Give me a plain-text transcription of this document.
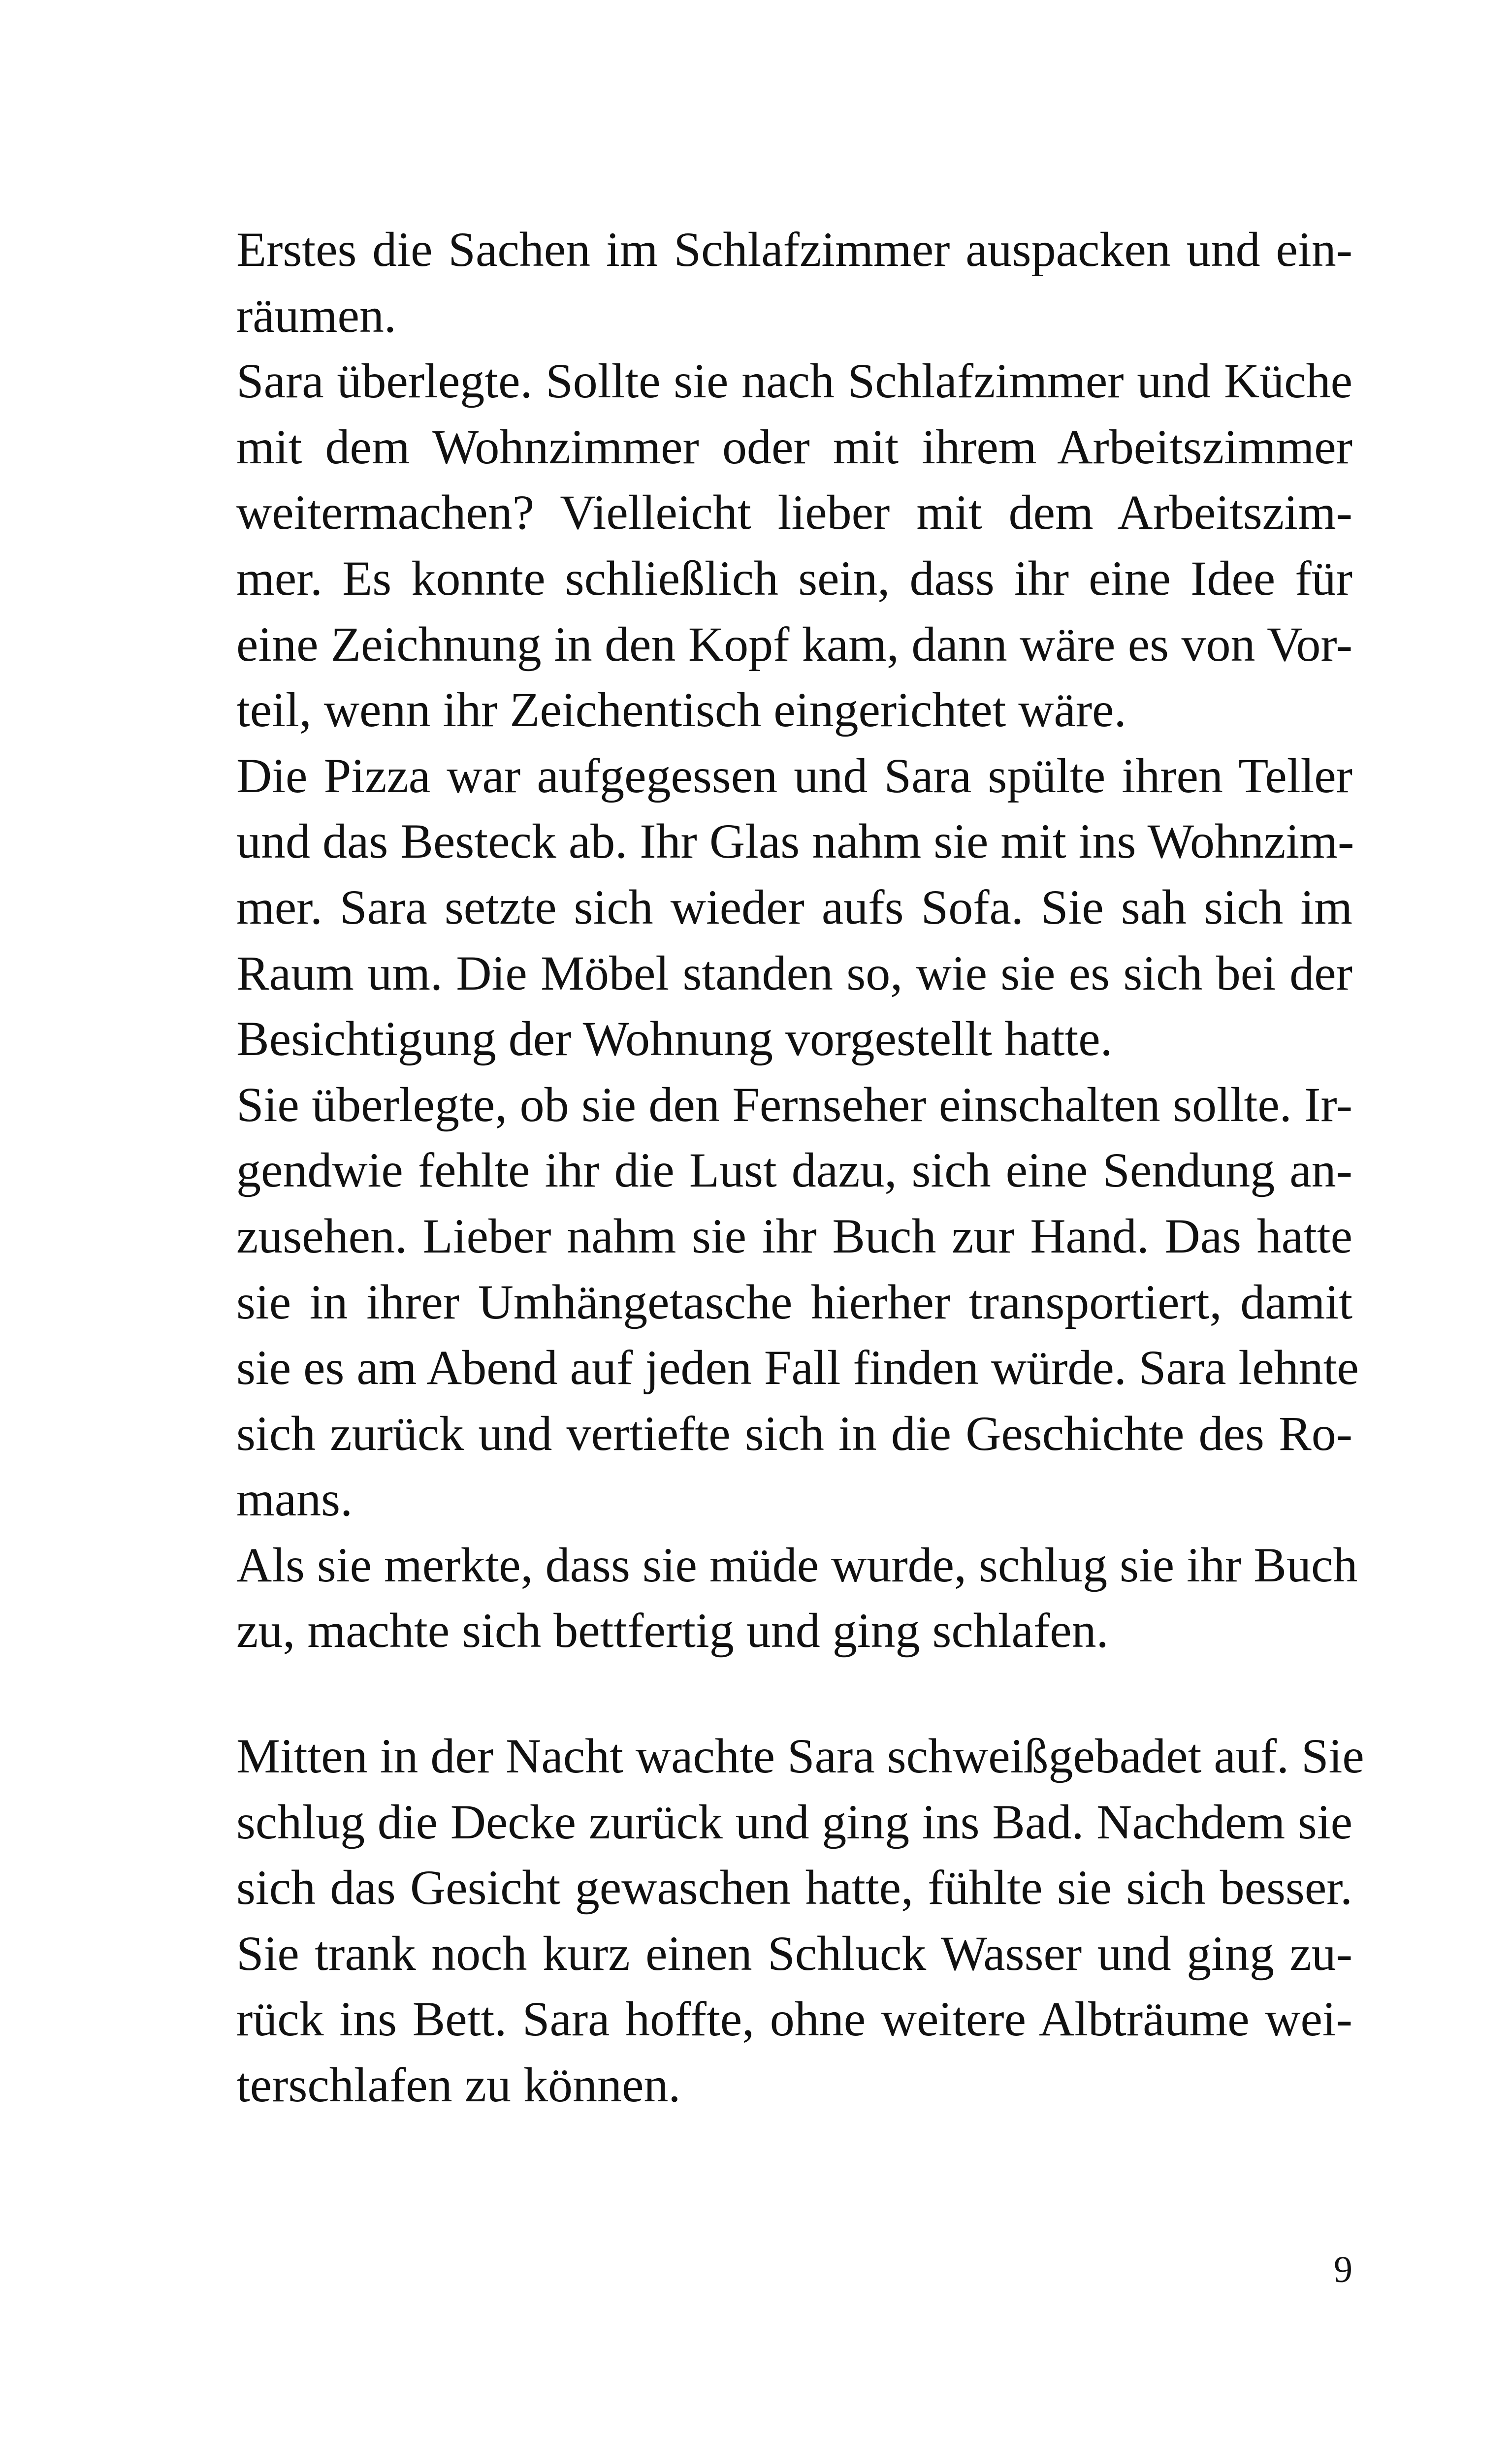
Erstes die Sachen im Schlafzimmer auspacken und ein-
räumen.
Sara überlegte. Sollte sie nach Schlafzimmer und Küche
mit dem Wohnzimmer oder mit ihrem Arbeitszimmer
weitermachen? Vielleicht lieber mit dem Arbeitszim-
mer. Es konnte schließlich sein, dass ihr eine Idee für
eine Zeichnung in den Kopf kam, dann wäre es von Vor-
teil, wenn ihr Zeichentisch eingerichtet wäre.
Die Pizza war aufgegessen und Sara spülte ihren Teller
und das Besteck ab. Ihr Glas nahm sie mit ins Wohnzim-
mer. Sara setzte sich wieder aufs Sofa. Sie sah sich im
Raum um. Die Möbel standen so, wie sie es sich bei der
Besichtigung der Wohnung vorgestellt hatte.
Sie überlegte, ob sie den Fernseher einschalten sollte. Ir-
gendwie fehlte ihr die Lust dazu, sich eine Sendung an-
zusehen. Lieber nahm sie ihr Buch zur Hand. Das hatte
sie in ihrer Umhängetasche hierher transportiert, damit
sie es am Abend auf jeden Fall finden würde. Sara lehnte
sich zurück und vertiefte sich in die Geschichte des Ro-
mans.
Als sie merkte, dass sie müde wurde, schlug sie ihr Buch
zu, machte sich bettfertig und ging schlafen.
Mitten in der Nacht wachte Sara schweißgebadet auf. Sie
schlug die Decke zurück und ging ins Bad. Nachdem sie
sich das Gesicht gewaschen hatte, fühlte sie sich besser.
Sie trank noch kurz einen Schluck Wasser und ging zu-
rück ins Bett. Sara hoffte, ohne weitere Albträume wei-
terschlafen zu können.
9
